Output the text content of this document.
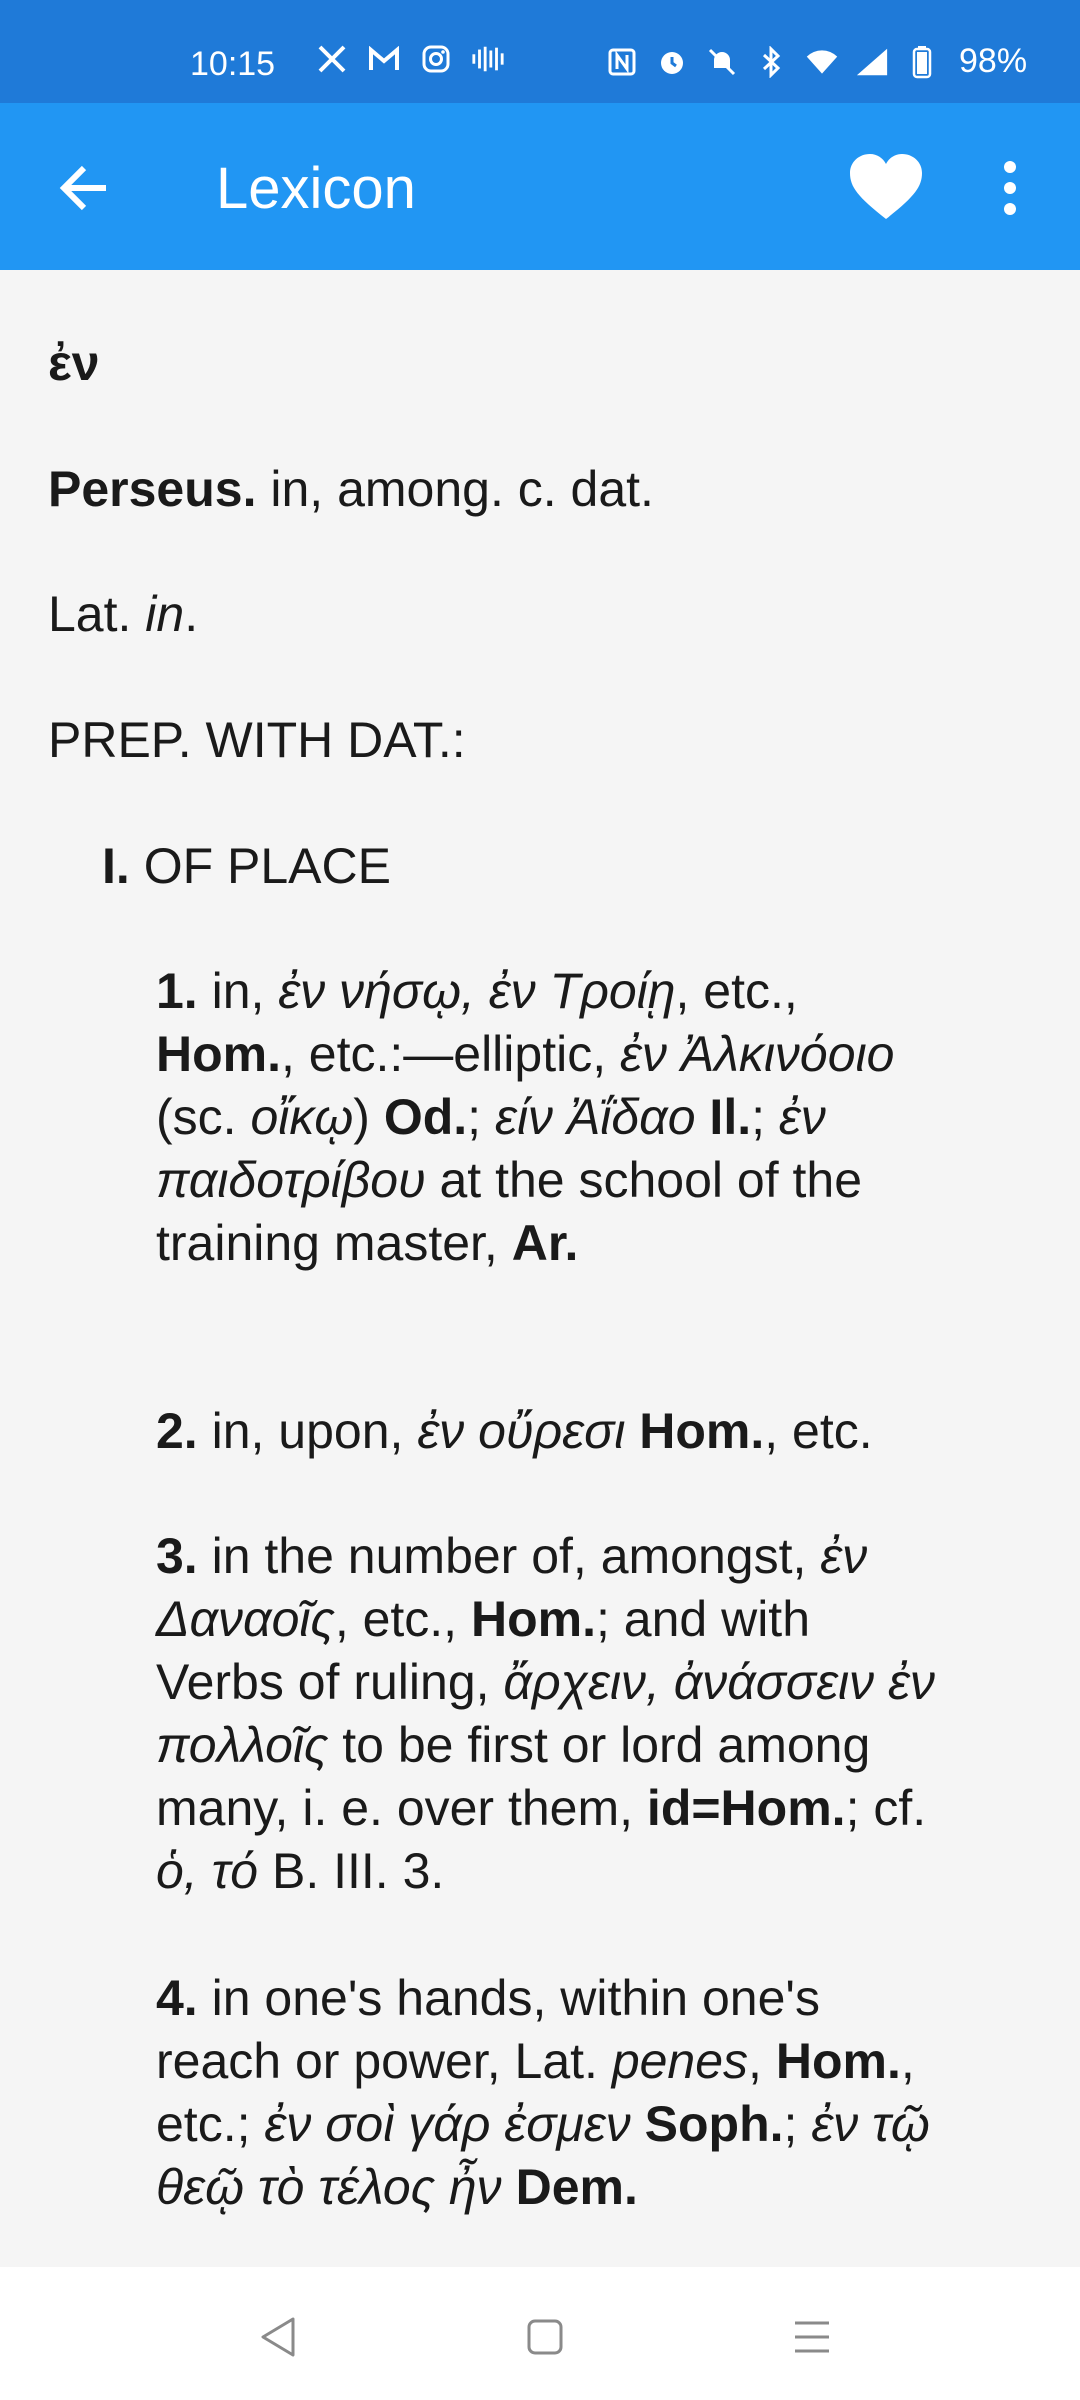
10:15	98%
Lexicon

ἐν

Perseus. in, among. c. dat.

Lat. in.

PREP. WITH DAT.:

I. OF PLACE

1. in, ἐν νήσῳ, ἐν Τροίῃ, etc., Hom., etc.:—elliptic, ἐν Ἀλκινόοιο (sc. οἴκῳ) Od.; είν Ἀΐδαο Il.; ἐν παιδοτρίβου at the school of the training master, Ar.

2. in, upon, ἐν οὔρεσι Hom., etc.

3. in the number of, amongst, ἐν Δαναοῖς, etc., Hom.; and with Verbs of ruling, ἄρχειν, ἀνάσσειν ἐν πολλοῖς to be first or lord among many, i. e. over them, id=Hom.; cf. ὁ, τό B. III. 3.

4. in one's hands, within one's reach or power, Lat. penes, Hom., etc.; ἐν σοὶ γάρ ἐσμεν Soph.; ἐν τῷ θεῷ τὸ τέλος ἦν Dem.
